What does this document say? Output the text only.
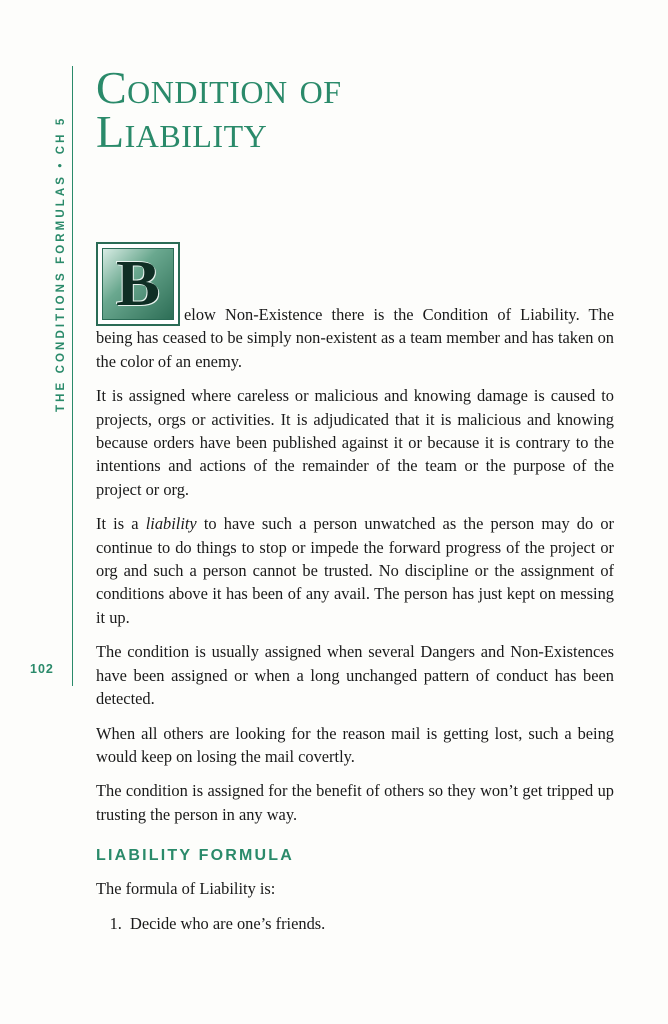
THE CONDITIONS FORMULAS • CH 5
102
Condition of
Liability

B elow Non-Existence there is the Condition of Liability. The being has ceased to be simply non-existent as a team member and has taken on the color of an enemy.

It is assigned where careless or malicious and knowing damage is caused to projects, orgs or activities. It is adjudicated that it is malicious and knowing because orders have been published against it or because it is contrary to the intentions and actions of the remainder of the team or the purpose of the project or org.

It is a liability to have such a person unwatched as the person may do or continue to do things to stop or impede the forward progress of the project or org and such a person cannot be trusted. No discipline or the assignment of conditions above it has been of any avail. The person has just kept on messing it up.

The condition is usually assigned when several Dangers and Non-Existences have been assigned or when a long unchanged pattern of conduct has been detected.

When all others are looking for the reason mail is getting lost, such a being would keep on losing the mail covertly.

The condition is assigned for the benefit of others so they won’t get tripped up trusting the person in any way.

LIABILITY FORMULA

The formula of Liability is:

1. Decide who are one’s friends.
